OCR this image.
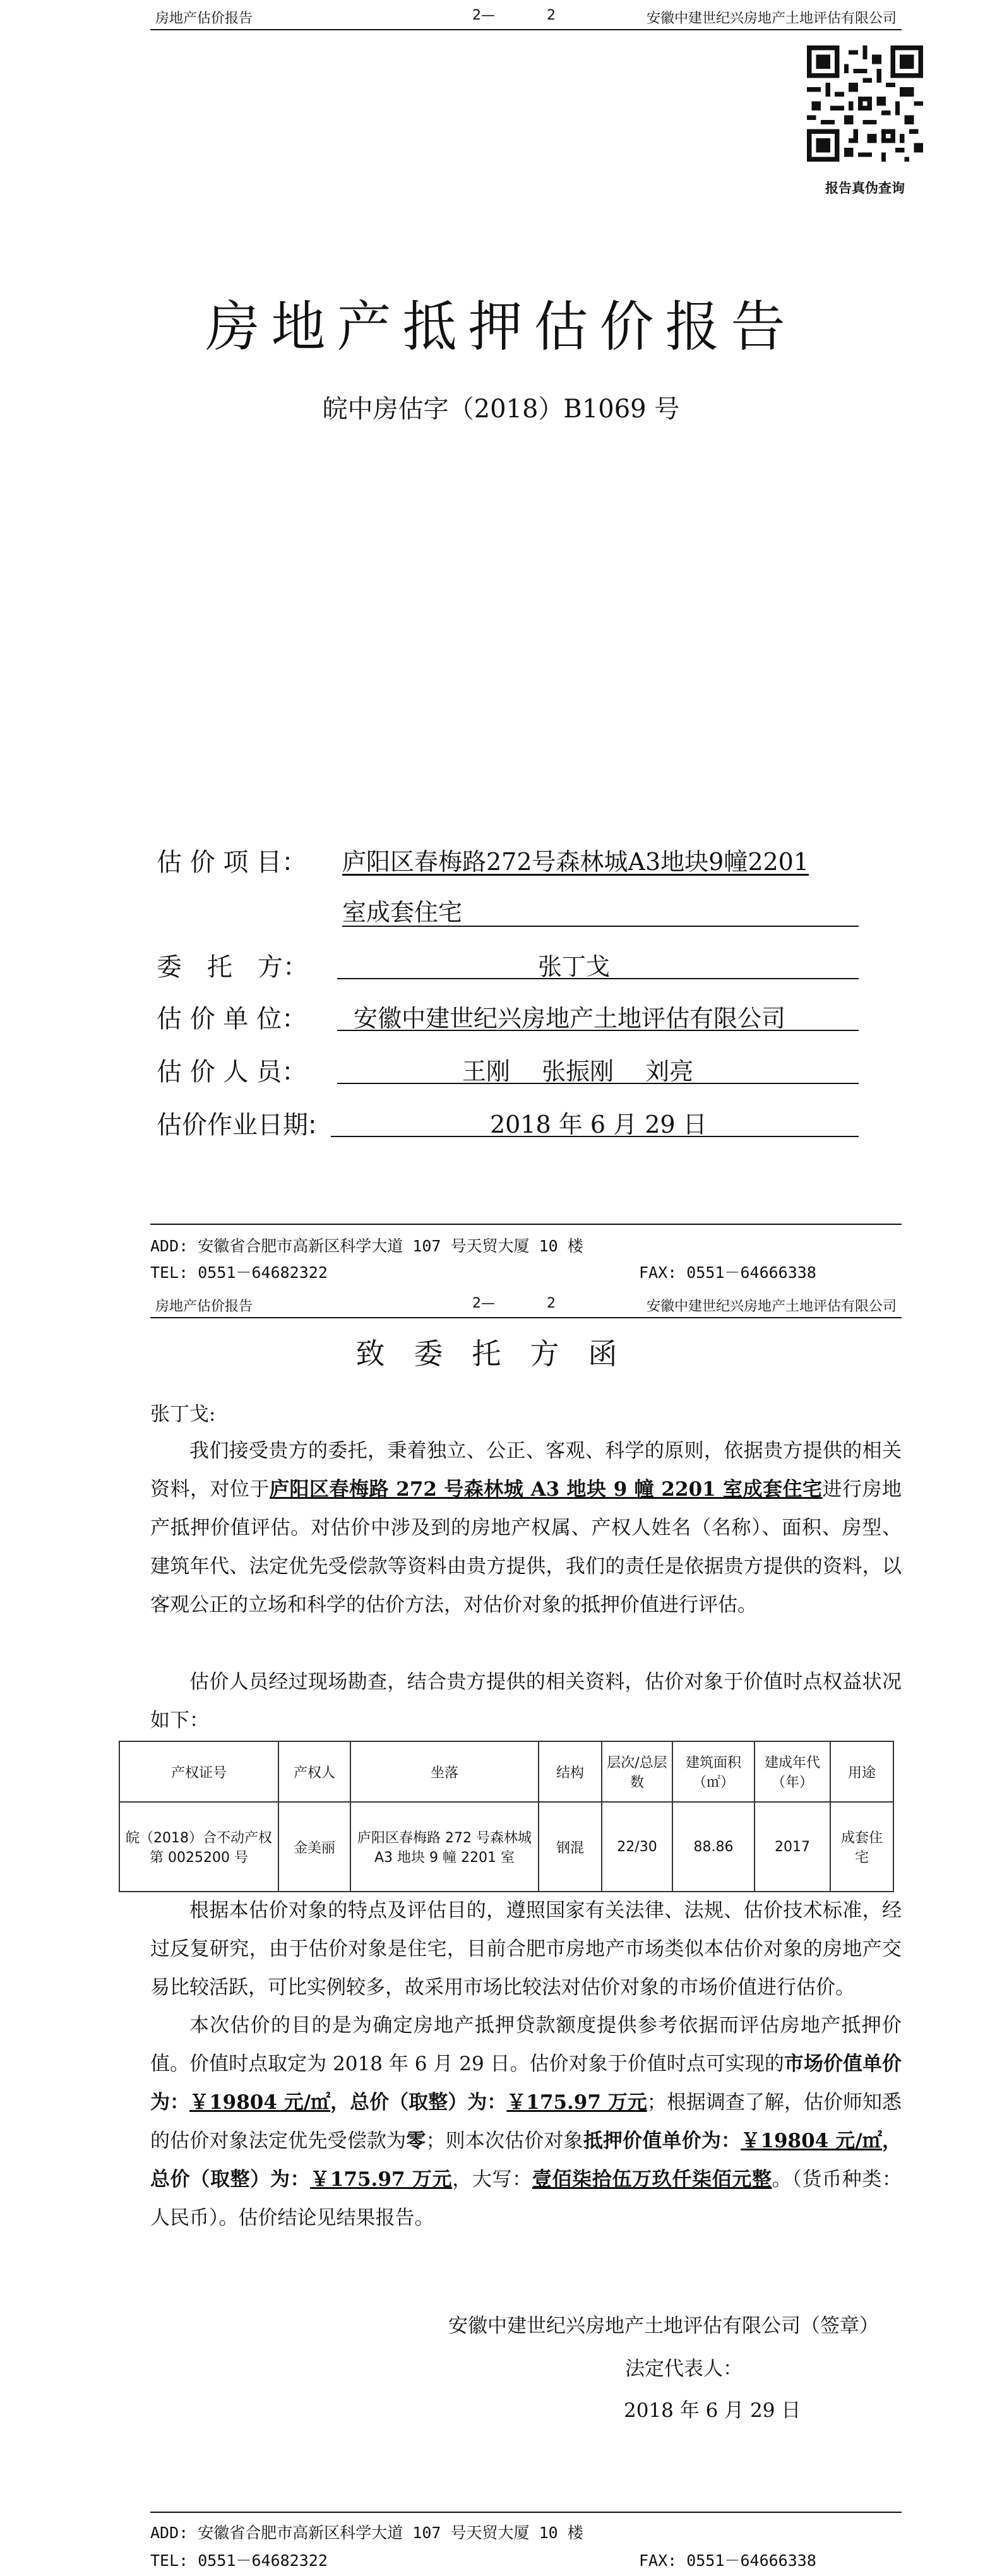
房地产估价报告	2—	2	安徽中建世纪兴房地产土地评估有限公司
报告真伪查询
房地产抵押估价报告
皖中房估字（2018）B1069 号
估 价 项 目： 庐阳区春梅路272号森林城A3地块9幢2201
室成套住宅
委　托　方：	张丁戈
估 价 单 位： 安徽中建世纪兴房地产土地评估有限公司
估 价 人 员：	王刚　 张振刚　 刘亮
估价作业日期:	2018 年 6 月 29 日
ADD: 安徽省合肥市高新区科学大道 107 号天贸大厦 10 楼
TEL: 0551－64682322	FAX: 0551－64666338
房地产估价报告	2—	2	安徽中建世纪兴房地产土地评估有限公司
致委托方函
张丁戈:
我们接受贵方的委托，秉着独立、公正、客观、科学的原则，依据贵方提供的相关资料，对位于庐阳区春梅路 272 号森林城 A3 地块 9 幢 2201 室成套住宅进行房地产抵押价值评估。对估价中涉及到的房地产权属、产权人姓名（名称）、面积、房型、建筑年代、法定优先受偿款等资料由贵方提供，我们的责任是依据贵方提供的资料，以客观公正的立场和科学的估价方法，对估价对象的抵押价值进行评估。
估价人员经过现场勘查，结合贵方提供的相关资料，估价对象于价值时点权益状况如下：
产权证号	产权人	坐落	结构	层次/总层数	建筑面积（㎡）	建成年代（年）	用途
皖（2018）合不动产权第 0025200 号	金美丽	庐阳区春梅路 272 号森林城 A3 地块 9 幢 2201 室	钢混	22/30	88.86	2017	成套住宅
根据本估价对象的特点及评估目的，遵照国家有关法律、法规、估价技术标准，经过反复研究，由于估价对象是住宅，目前合肥市房地产市场类似本估价对象的房地产交易比较活跃，可比实例较多，故采用市场比较法对估价对象的市场价值进行估价。
本次估价的目的是为确定房地产抵押贷款额度提供参考依据而评估房地产抵押价值。价值时点取定为 2018 年 6 月 29 日。估价对象于价值时点可实现的市场价值单价为：￥19804 元/㎡，总价（取整）为：￥175.97 万元；根据调查了解，估价师知悉的估价对象法定优先受偿款为零；则本次估价对象抵押价值单价为：￥19804 元/㎡，总价（取整）为：￥175.97 万元，大写：壹佰柒拾伍万玖仟柒佰元整。（货币种类：人民币）。估价结论见结果报告。
安徽中建世纪兴房地产土地评估有限公司（签章）
法定代表人：
2018 年 6 月 29 日
ADD: 安徽省合肥市高新区科学大道 107 号天贸大厦 10 楼
TEL: 0551－64682322	FAX: 0551－64666338
